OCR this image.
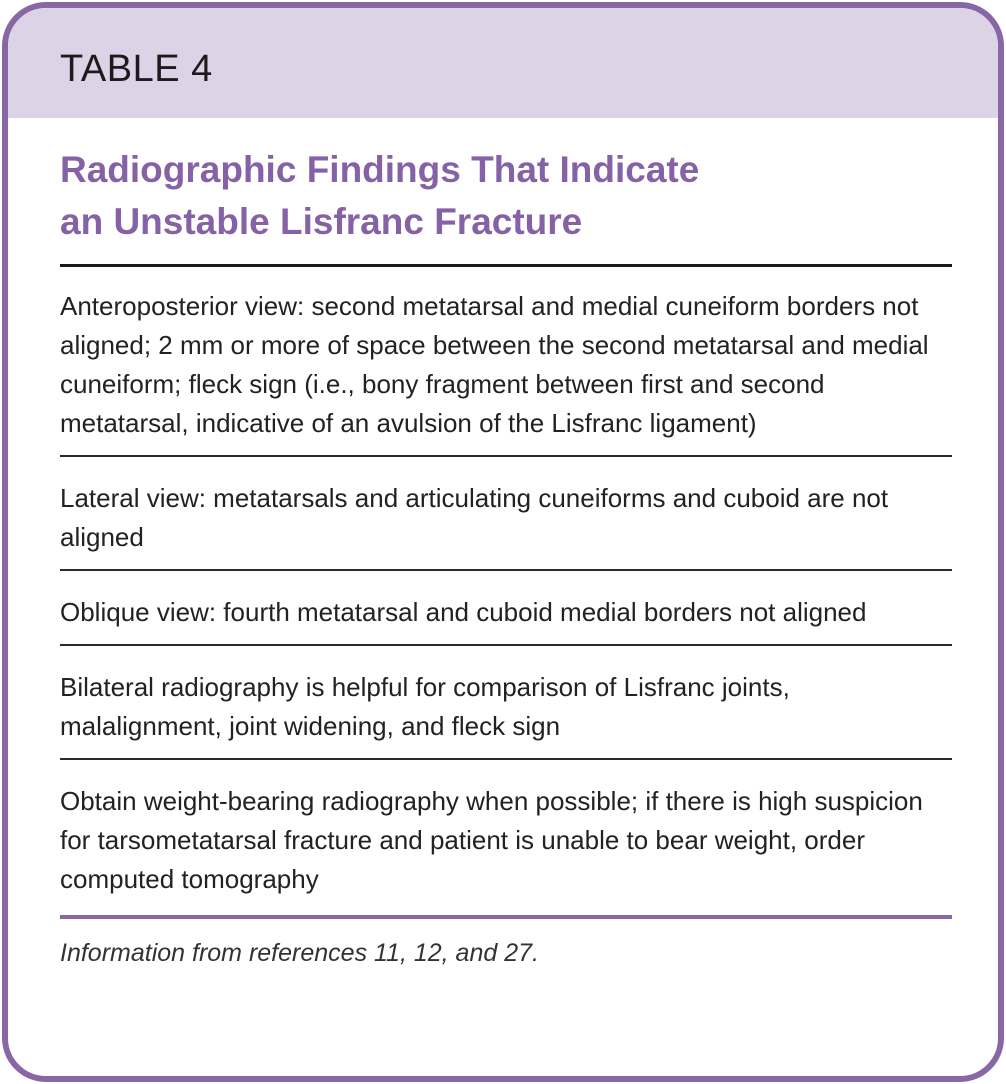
TABLE 4
Radiographic Findings That Indicate
an Unstable Lisfranc Fracture
Anteroposterior view: second metatarsal and medial cuneiform borders not aligned; 2 mm or more of space between the second metatarsal and medial cuneiform; fleck sign (i.e., bony fragment between first and second metatarsal, indicative of an avulsion of the Lisfranc ligament)
Lateral view: metatarsals and articulating cuneiforms and cuboid are not aligned
Oblique view: fourth metatarsal and cuboid medial borders not aligned
Bilateral radiography is helpful for comparison of Lisfranc joints, malalignment, joint widening, and fleck sign
Obtain weight-bearing radiography when possible; if there is high suspicion for tarsometatarsal fracture and patient is unable to bear weight, order computed tomography
Information from references 11, 12, and 27.
